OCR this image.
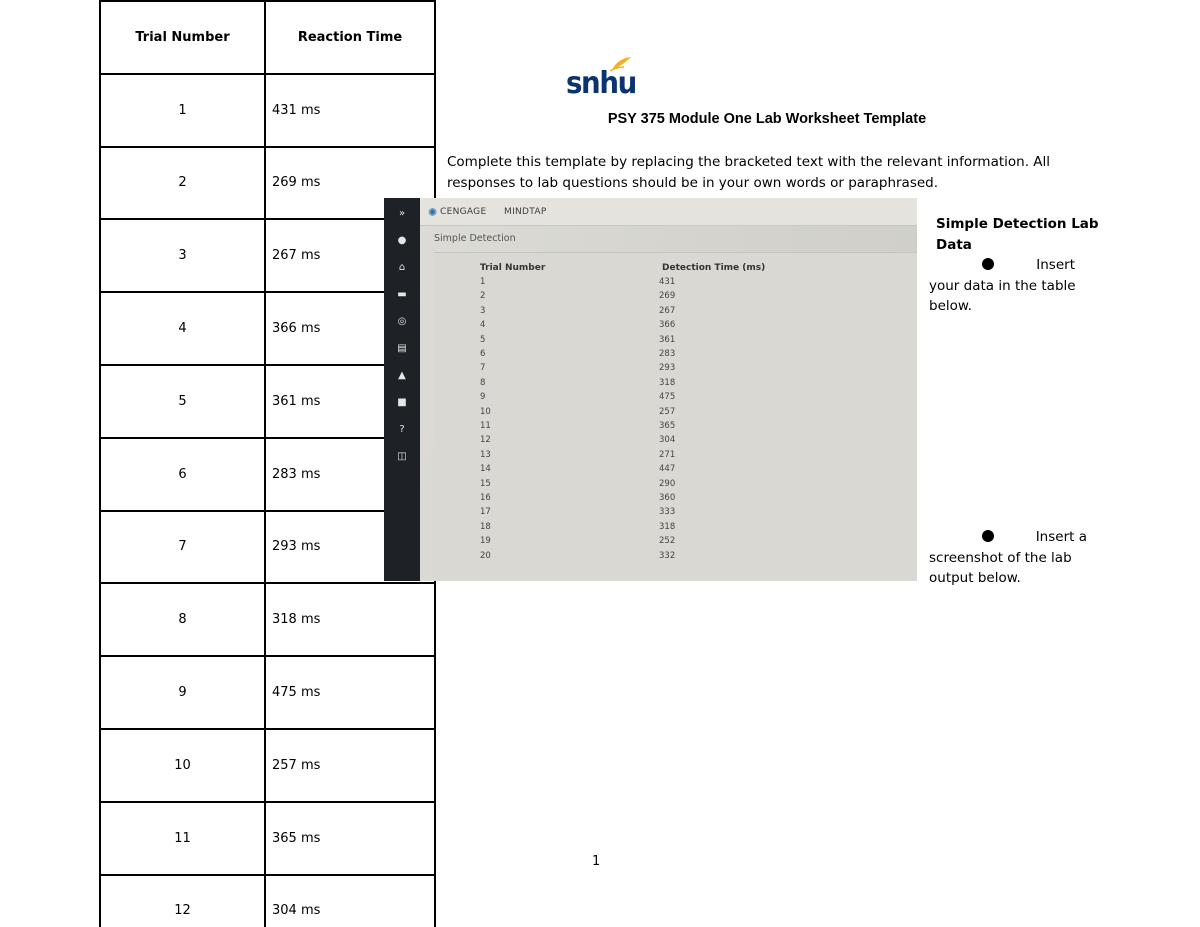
Trial Number	Reaction Time
1	431 ms
2	269 ms
3	267 ms
4	366 ms
5	361 ms
6	283 ms
7	293 ms
8	318 ms
9	475 ms
10	257 ms
11	365 ms
12	304 ms
snhu
PSY 375 Module One Lab Worksheet Template
Complete this template by replacing the bracketed text with the relevant information. All responses to lab questions should be in your own words or paraphrased.
»
●
⌂
▬
◎
▤
▲
■
?
◫
✺ CENGAGE MINDTAP
Simple Detection
Trial Number	Detection Time (ms)
1	431
2	269
3	267
4	366
5	361
6	283
7	293
8	318
9	475
10	257
11	365
12	304
13	271
14	447
15	290
16	360
17	333
18	318
19	252
20	332
Simple Detection Lab Data
Insert
your data in the table below.
Insert a
screenshot of the lab output below.
1
